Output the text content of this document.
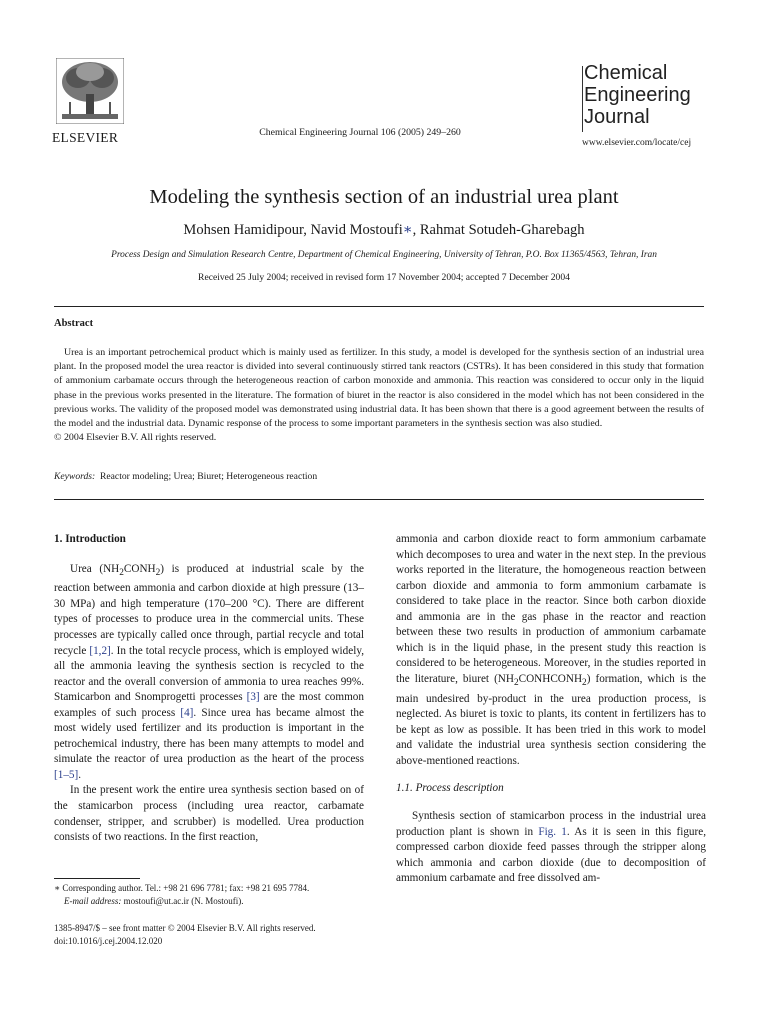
ELSEVIER	Chemical Engineering Journal 106 (2005) 249–260
Chemical
Engineering
Journal
www.elsevier.com/locate/cej
Modeling the synthesis section of an industrial urea plant
Mohsen Hamidipour, Navid Mostoufi∗, Rahmat Sotudeh-Gharebagh
Process Design and Simulation Research Centre, Department of Chemical Engineering, University of Tehran, P.O. Box 11365/4563, Tehran, Iran
Received 25 July 2004; received in revised form 17 November 2004; accepted 7 December 2004
Abstract

Urea is an important petrochemical product which is mainly used as fertilizer. In this study, a model is developed for the synthesis section of an industrial urea plant. In the proposed model the urea reactor is divided into several continuously stirred tank reactors (CSTRs). It has been considered in this study that formation of ammonium carbamate occurs through the heterogeneous reaction of carbon monoxide and ammonia. This reaction was considered to occur only in the liquid phase in the previous works presented in the literature. The formation of biuret in the reactor is also considered in the model which has not been considered in the previous works. The validity of the proposed model was demonstrated using industrial data. It has been shown that there is a good agreement between the results of the model and the industrial data. Dynamic response of the process to some important parameters in the synthesis section was also studied.

© 2004 Elsevier B.V. All rights reserved.
Keywords: Reactor modeling; Urea; Biuret; Heterogeneous reaction
1. Introduction

Urea $(NH_2CONH_2)$ is produced at industrial scale by the reaction between ammonia and carbon dioxide at high pressure (13–30 MPa) and high temperature (170–200 °C). There are different types of processes to produce urea in the commercial units. These processes are typically called once through, partial recycle and total recycle [1,2]. In the total recycle process, which is employed widely, all the ammonia leaving the synthesis section is recycled to the reactor and the overall conversion of ammonia to urea reaches 99%. Stamicarbon and Snomprogetti processes [3] are the most common examples of such process [4]. Since urea has became almost the most widely used fertilizer and its production is important in the petrochemical industry, there has been many attempts to model and simulate the reactor of urea production as the heart of the process [1–5].

In the present work the entire urea synthesis section based on of the stamicarbon process (including urea reactor, carbamate condenser, stripper, and scrubber) is modelled. Urea production consists of two reactions. In the first reaction,

ammonia and carbon dioxide react to form ammonium carbamate which decomposes to urea and water in the next step. In the previous works reported in the literature, the homogeneous reaction between carbon dioxide and ammonia to form ammonium carbamate is considered to take place in the reactor. Since both carbon dioxide and ammonia are in the gas phase in the reactor and reaction between these two results in production of ammonium carbamate which is in the liquid phase, in the present study this reaction is considered to be heterogeneous. Moreover, in the studies reported in the literature, biuret $(NH_2CONHCONH_2)$ formation, which is the main undesired by-product in the urea production process, is neglected. As biuret is toxic to plants, its content in fertilizers has to be kept as low as possible. It has been tried in this work to model and validate the industrial urea synthesis section considering the above-mentioned reactions.

1.1. Process description

Synthesis section of stamicarbon process in the industrial urea production plant is shown in Fig. 1. As it is seen in this figure, compressed carbon dioxide feed passes through the stripper along which ammonia and carbon dioxide (due to decomposition of ammonium carbamate and free dissolved am-

∗ Corresponding author. Tel.: +98 21 696 7781; fax: +98 21 695 7784.
E-mail address: mostoufi@ut.ac.ir (N. Mostoufi).
1385-8947/$ – see front matter © 2004 Elsevier B.V. All rights reserved.
doi:10.1016/j.cej.2004.12.020
